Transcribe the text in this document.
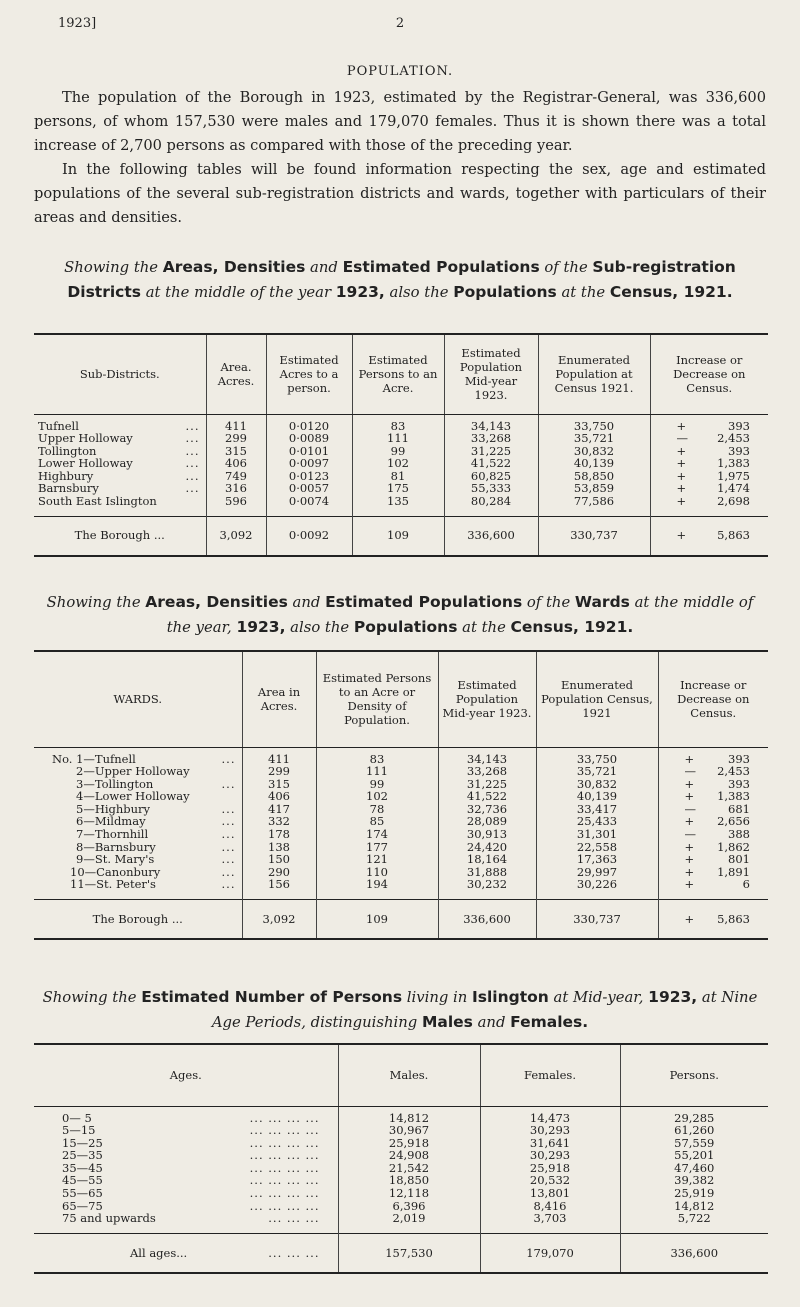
1923]	2
POPULATION.

The population of the Borough in 1923, estimated by the Registrar-General, was 336,600 persons, of whom 157,530 were males and 179,070 females. Thus it is shown there was a total increase of 2,700 persons as compared with those of the preceding year.

In the following tables will be found information respecting the sex, age and estimated populations of the several sub-registration districts and wards, together with particulars of their areas and densities.

Showing the Areas, Densities and Estimated Populations of the Sub-registration Districts at the middle of the year 1923, also the Populations at the Census, 1921.

Sub-Districts.	Area. Acres.	Estimated Acres to a person.	Estimated Persons to an Acre.	Estimated Population Mid-year 1923.	Enumerated Population at Census 1921.	Increase or Decrease on Census.
Tufnell ...	411	0·0120	83	34,143	33,750	+ 393
Upper Holloway ...	299	0·0089	111	33,268	35,721	— 2,453
Tollington ...	315	0·0101	99	31,225	30,832	+ 393
Lower Holloway ...	406	0·0097	102	41,522	40,139	+ 1,383
Highbury ...	749	0·0123	81	60,825	58,850	+ 1,975
Barnsbury ...	316	0·0057	175	55,333	53,859	+ 1,474
South East Islington	596	0·0074	135	80,284	77,586	+ 2,698
The Borough ...	3,092	0·0092	109	336,600	330,737	+ 5,863

Showing the Areas, Densities and Estimated Populations of the Wards at the middle of the year, 1923, also the Populations at the Census, 1921.

WARDS.	Area in Acres.	Estimated Persons to an Acre or Density of Population.	Estimated Population Mid-year 1923.	Enumerated Population Census, 1921	Increase or Decrease on Census.
No. 1—Tufnell ...	411	83	34,143	33,750	+ 393
2—Upper Holloway	299	111	33,268	35,721	— 2,453
3—Tollington ...	315	99	31,225	30,832	+ 393
4—Lower Holloway	406	102	41,522	40,139	+ 1,383
5—Highbury ...	417	78	32,736	33,417	— 681
6—Mildmay ...	332	85	28,089	25,433	+ 2,656
7—Thornhill ...	178	174	30,913	31,301	— 388
8—Barnsbury ...	138	177	24,420	22,558	+ 1,862
9—St. Mary's ...	150	121	18,164	17,363	+ 801
10—Canonbury ...	290	110	31,888	29,997	+ 1,891
11—St. Peter's ...	156	194	30,232	30,226	+ 6
The Borough ...	3,092	109	336,600	330,737	+ 5,863

Showing the Estimated Number of Persons living in Islington at Mid-year, 1923, at Nine Age Periods, distinguishing Males and Females.

Ages.	Males.	Females.	Persons.
0— 5 ... ... ... ...	14,812	14,473	29,285
5—15 ... ... ... ...	30,967	30,293	61,260
15—25 ... ... ... ...	25,918	31,641	57,559
25—35 ... ... ... ...	24,908	30,293	55,201
35—45 ... ... ... ...	21,542	25,918	47,460
45—55 ... ... ... ...	18,850	20,532	39,382
55—65 ... ... ... ...	12,118	13,801	25,919
65—75 ... ... ... ...	6,396	8,416	14,812
75 and upwards ... ... ...	2,019	3,703	5,722
All ages... ... ... ...	157,530	179,070	336,600
